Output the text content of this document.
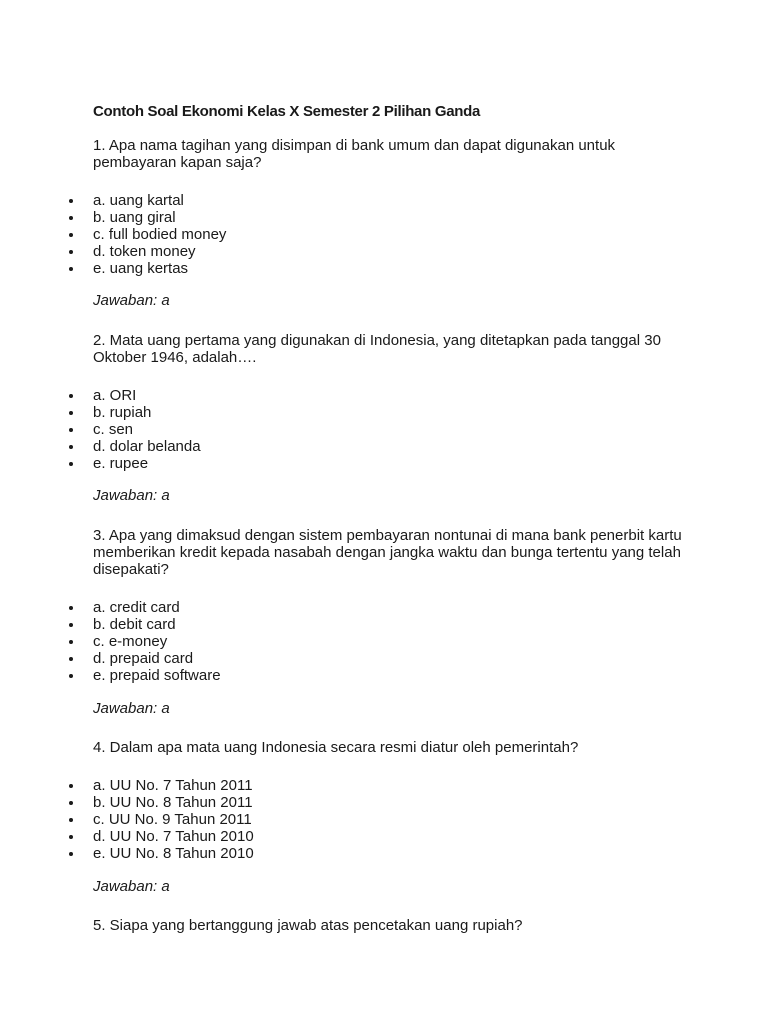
Contoh Soal Ekonomi Kelas X Semester 2 Pilihan Ganda

1. Apa nama tagihan yang disimpan di bank umum dan dapat digunakan untuk pembayaran kapan saja?

a. uang kartal
b. uang giral
c. full bodied money
d. token money
e. uang kertas

Jawaban: a

2. Mata uang pertama yang digunakan di Indonesia, yang ditetapkan pada tanggal 30 Oktober 1946, adalah….

a. ORI
b. rupiah
c. sen
d. dolar belanda
e. rupee

Jawaban: a

3. Apa yang dimaksud dengan sistem pembayaran nontunai di mana bank penerbit kartu memberikan kredit kepada nasabah dengan jangka waktu dan bunga tertentu yang telah disepakati?

a. credit card
b. debit card
c. e-money
d. prepaid card
e. prepaid software

Jawaban: a

4. Dalam apa mata uang Indonesia secara resmi diatur oleh pemerintah?

a. UU No. 7 Tahun 2011
b. UU No. 8 Tahun 2011
c. UU No. 9 Tahun 2011
d. UU No. 7 Tahun 2010
e. UU No. 8 Tahun 2010

Jawaban: a

5. Siapa yang bertanggung jawab atas pencetakan uang rupiah?
